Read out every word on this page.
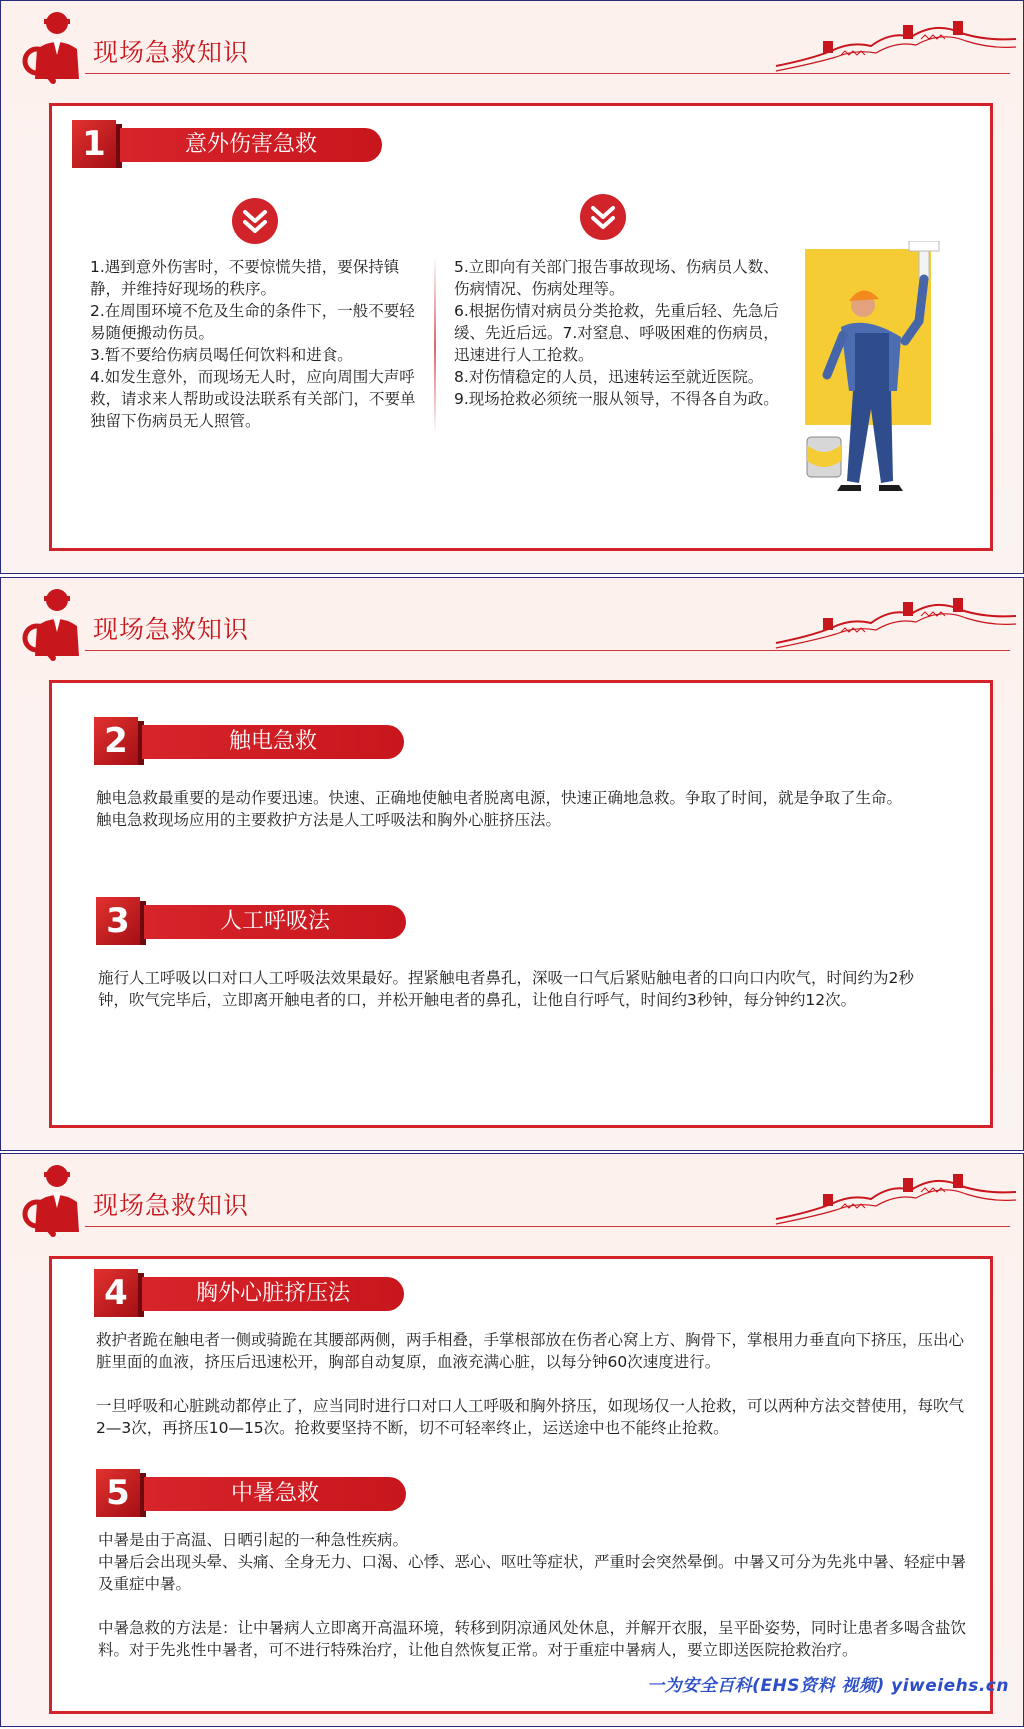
现场急救知识
1	意外伤害急救

1.遇到意外伤害时，不要惊慌失措，要保持镇静，并维持好现场的秩序。

2.在周围环境不危及生命的条件下，一般不要轻易随便搬动伤员。

3.暂不要给伤病员喝任何饮料和进食。

4.如发生意外，而现场无人时，应向周围大声呼救，请求来人帮助或设法联系有关部门，不要单独留下伤病员无人照管。

5.立即向有关部门报告事故现场、伤病员人数、伤病情况、伤病处理等。

6.根据伤情对病员分类抢救，先重后轻、先急后缓、先近后远。7.对窒息、呼吸困难的伤病员，迅速进行人工抢救。

8.对伤情稳定的人员，迅速转运至就近医院。

9.现场抢救必须统一服从领导，不得各自为政。

现场急救知识
2	触电急救

触电急救最重要的是动作要迅速。快速、正确地使触电者脱离电源，快速正确地急救。争取了时间，就是争取了生命。

触电急救现场应用的主要救护方法是人工呼吸法和胸外心脏挤压法。

3	人工呼吸法

施行人工呼吸以口对口人工呼吸法效果最好。捏紧触电者鼻孔，深吸一口气后紧贴触电者的口向口内吹气，时间约为2秒钟，吹气完毕后，立即离开触电者的口，并松开触电者的鼻孔，让他自行呼气，时间约3秒钟，每分钟约12次。

现场急救知识
4	胸外心脏挤压法

救护者跪在触电者一侧或骑跪在其腰部两侧，两手相叠，手掌根部放在伤者心窝上方、胸骨下，掌根用力垂直向下挤压，压出心脏里面的血液，挤压后迅速松开，胸部自动复原，血液充满心脏，以每分钟60次速度进行。

一旦呼吸和心脏跳动都停止了，应当同时进行口对口人工呼吸和胸外挤压，如现场仅一人抢救，可以两种方法交替使用，每吹气2—3次，再挤压10—15次。抢救要坚持不断，切不可轻率终止，运送途中也不能终止抢救。

5	中暑急救

中暑是由于高温、日晒引起的一种急性疾病。

中暑后会出现头晕、头痛、全身无力、口渴、心悸、恶心、呕吐等症状，严重时会突然晕倒。中暑又可分为先兆中暑、轻症中暑及重症中暑。

中暑急救的方法是：让中暑病人立即离开高温环境，转移到阴凉通风处休息，并解开衣服，呈平卧姿势，同时让患者多喝含盐饮料。对于先兆性中暑者，可不进行特殊治疗，让他自然恢复正常。对于重症中暑病人，要立即送医院抢救治疗。

一为安全百科(EHS资料 视频) yiweiehs.cn
